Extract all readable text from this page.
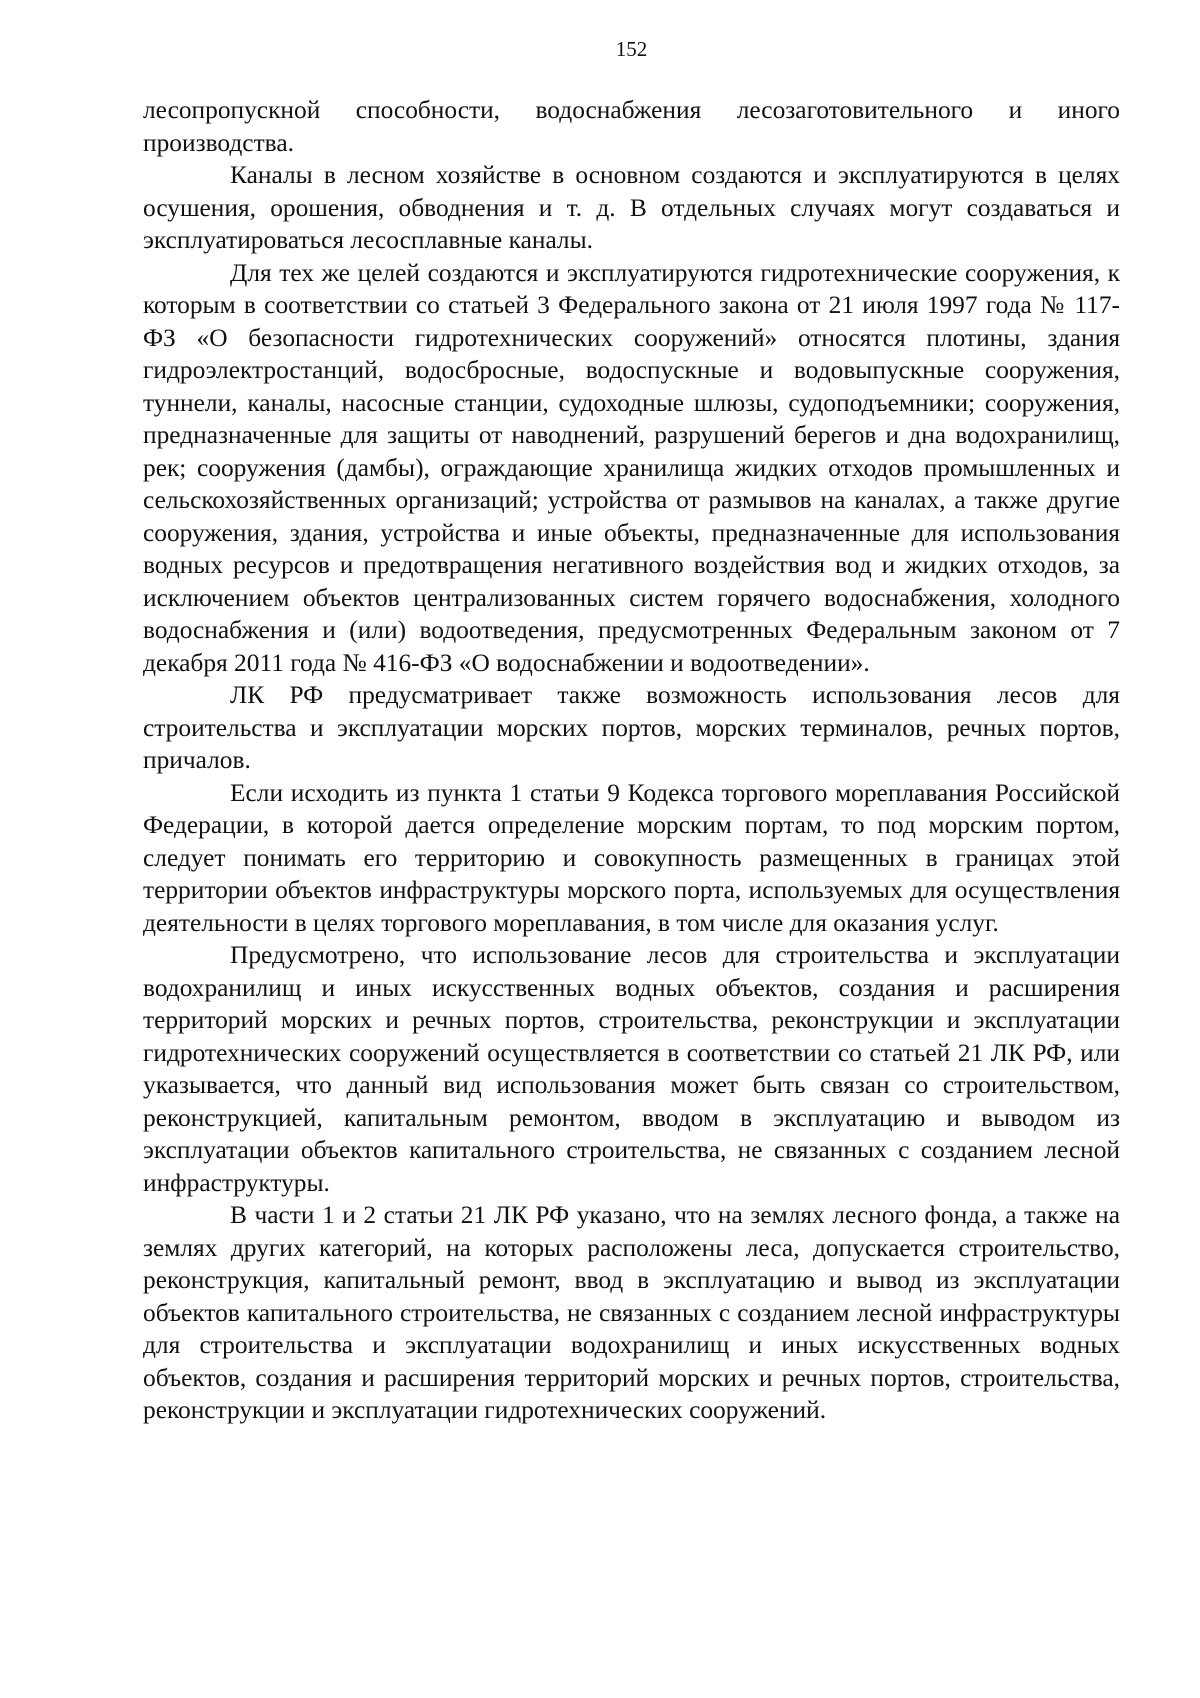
152

лесопропускной способности, водоснабжения лесозаготовительного и иного производства.

Каналы в лесном хозяйстве в основном создаются и эксплуатируются в целях осушения, орошения, обводнения и т. д. В отдельных случаях могут создаваться и эксплуатироваться лесосплавные каналы.

Для тех же целей создаются и эксплуатируются гидротехнические сооружения, к которым в соответствии со статьей 3 Федерального закона от 21 июля 1997 года № 117-ФЗ «О безопасности гидротехнических сооружений» относятся плотины, здания гидроэлектростанций, водосбросные, водоспускные и водовыпускные сооружения, туннели, каналы, насосные станции, судоходные шлюзы, судоподъемники; сооружения, предназначенные для защиты от наводнений, разрушений берегов и дна водохранилищ, рек; сооружения (дамбы), ограждающие хранилища жидких отходов промышленных и сельскохозяйственных организаций; устройства от размывов на каналах, а также другие сооружения, здания, устройства и иные объекты, предназначенные для использования водных ресурсов и предотвращения негативного воздействия вод и жидких отходов, за исключением объектов централизованных систем горячего водоснабжения, холодного водоснабжения и (или) водоотведения, предусмотренных Федеральным законом от 7 декабря 2011 года № 416-ФЗ «О водоснабжении и водоотведении».

ЛК РФ предусматривает также возможность использования лесов для строительства и эксплуатации морских портов, морских терминалов, речных портов, причалов.

Если исходить из пункта 1 статьи 9 Кодекса торгового мореплавания Российской Федерации, в которой дается определение морским портам, то под морским портом, следует понимать его территорию и совокупность размещенных в границах этой территории объектов инфраструктуры морского порта, используемых для осуществления деятельности в целях торгового мореплавания, в том числе для оказания услуг.

Предусмотрено, что использование лесов для строительства и эксплуатации водохранилищ и иных искусственных водных объектов, создания и расширения территорий морских и речных портов, строительства, реконструкции и эксплуатации гидротехнических сооружений осуществляется в соответствии со статьей 21 ЛК РФ, или указывается, что данный вид использования может быть связан со строительством, реконструкцией, капитальным ремонтом, вводом в эксплуатацию и выводом из эксплуатации объектов капитального строительства, не связанных с созданием лесной инфраструктуры.

В части 1 и 2 статьи 21 ЛК РФ указано, что на землях лесного фонда, а также на землях других категорий, на которых расположены леса, допускается строительство, реконструкция, капитальный ремонт, ввод в эксплуатацию и вывод из эксплуатации объектов капитального строительства, не связанных с созданием лесной инфраструктуры для строительства и эксплуатации водохранилищ и иных искусственных водных объектов, создания и расширения территорий морских и речных портов, строительства, реконструкции и эксплуатации гидротехнических сооружений.
